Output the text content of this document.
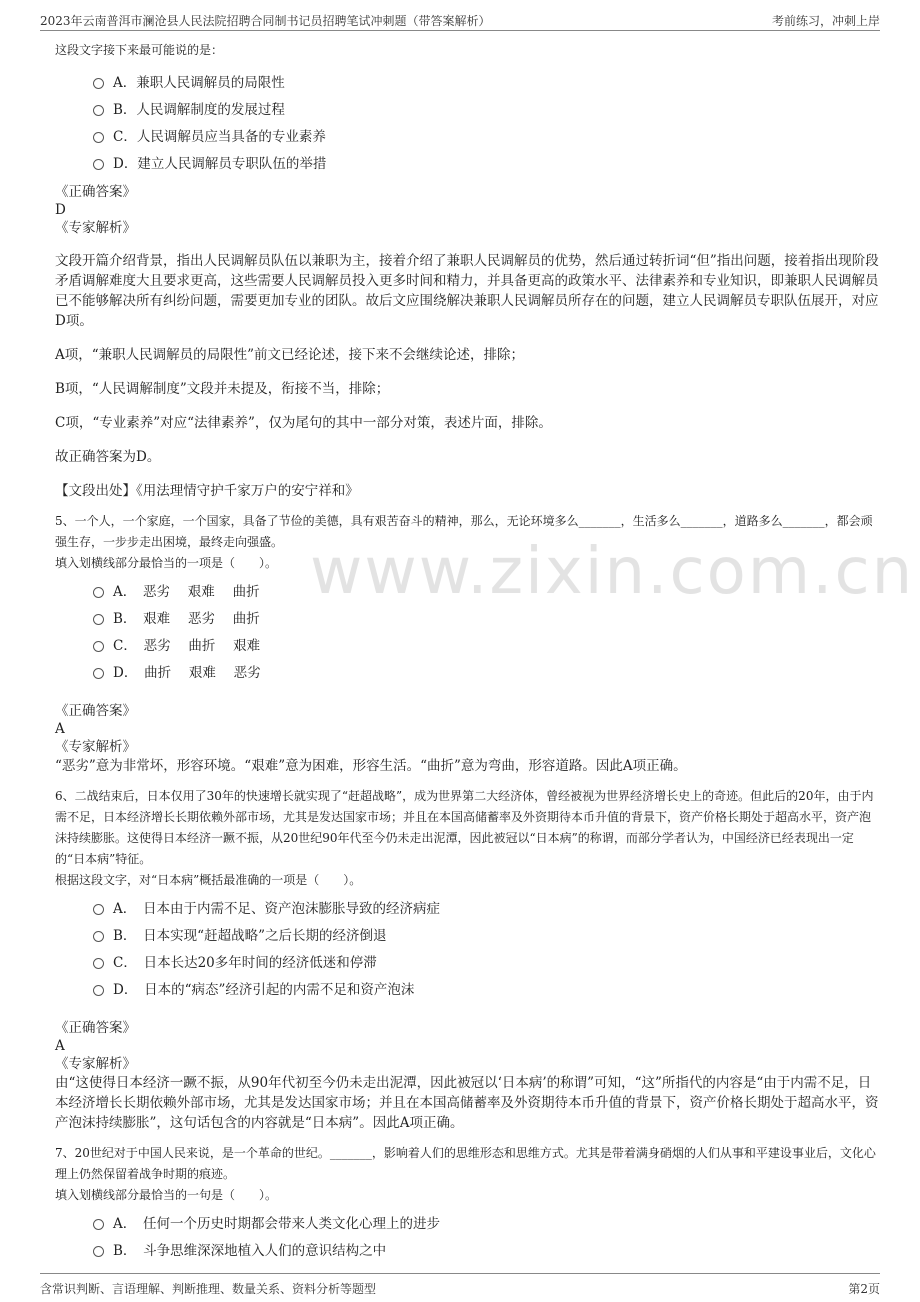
2023年云南普洱市澜沧县人民法院招聘合同制书记员招聘笔试冲刺题（带答案解析）	考前练习，冲刺上岸
www.zixin.com.cn
这段文字接下来最可能说的是：
A．兼职人民调解员的局限性
B．人民调解制度的发展过程
C．人民调解员应当具备的专业素养
D．建立人民调解员专职队伍的举措
《正确答案》
D
《专家解析》
文段开篇介绍背景，指出人民调解员队伍以兼职为主，接着介绍了兼职人民调解员的优势，然后通过转折词“但”指出问题，接着指出现阶段矛盾调解难度大且要求更高，这些需要人民调解员投入更多时间和精力，并具备更高的政策水平、法律素养和专业知识，即兼职人民调解员已不能够解决所有纠纷问题，需要更加专业的团队。故后文应围绕解决兼职人民调解员所存在的问题，建立人民调解员专职队伍展开，对应D项。
A项，“兼职人民调解员的局限性”前文已经论述，接下来不会继续论述，排除；
B项，“人民调解制度”文段并未提及，衔接不当，排除；
C项，“专业素养”对应“法律素养”，仅为尾句的其中一部分对策，表述片面，排除。
故正确答案为D。
【文段出处】《用法理情守护千家万户的安宁祥和》
5、一个人，一个家庭，一个国家，具备了节俭的美德，具有艰苦奋斗的精神，那么，无论环境多么_______，生活多么_______，道路多么_______，都会顽强生存，一步步走出困境，最终走向强盛。
填入划横线部分最恰当的一项是（　　）。
A．　恶劣　 艰难　 曲折
B．　艰难　 恶劣　 曲折
C．　恶劣　 曲折　 艰难
D．　曲折　 艰难　 恶劣
《正确答案》
A
《专家解析》
“恶劣”意为非常坏，形容环境。“艰难”意为困难，形容生活。“曲折”意为弯曲，形容道路。因此A项正确。
6、二战结束后，日本仅用了30年的快速增长就实现了“赶超战略”，成为世界第二大经济体，曾经被视为世界经济增长史上的奇迹。但此后的20年，由于内需不足，日本经济增长长期依赖外部市场，尤其是发达国家市场；并且在本国高储蓄率及外资期待本币升值的背景下，资产价格长期处于超高水平，资产泡沫持续膨胀。这使得日本经济一蹶不振，从20世纪90年代至今仍未走出泥潭，因此被冠以“日本病”的称谓，而部分学者认为，中国经济已经表现出一定的“日本病”特征。
根据这段文字，对“日本病”概括最准确的一项是（　　）。
A．　日本由于内需不足、资产泡沫膨胀导致的经济病症
B．　日本实现“赶超战略”之后长期的经济倒退
C．　日本长达20多年时间的经济低迷和停滞
D．　日本的“病态”经济引起的内需不足和资产泡沫
《正确答案》
A
《专家解析》
由“这使得日本经济一蹶不振，从90年代初至今仍未走出泥潭，因此被冠以‘日本病’的称谓”可知，“这”所指代的内容是“由于内需不足，日本经济增长长期依赖外部市场，尤其是发达国家市场；并且在本国高储蓄率及外资期待本币升值的背景下，资产价格长期处于超高水平，资产泡沫持续膨胀”，这句话包含的内容就是“日本病”。因此A项正确。
7、20世纪对于中国人民来说，是一个革命的世纪。_______，影响着人们的思维形态和思维方式。尤其是带着满身硝烟的人们从事和平建设事业后，文化心理上仍然保留着战争时期的痕迹。
填入划横线部分最恰当的一句是（　　）。
A．　任何一个历史时期都会带来人类文化心理上的进步
B．　斗争思维深深地植入人们的意识结构之中
含常识判断、言语理解、判断推理、数量关系、资料分析等题型	第2页
